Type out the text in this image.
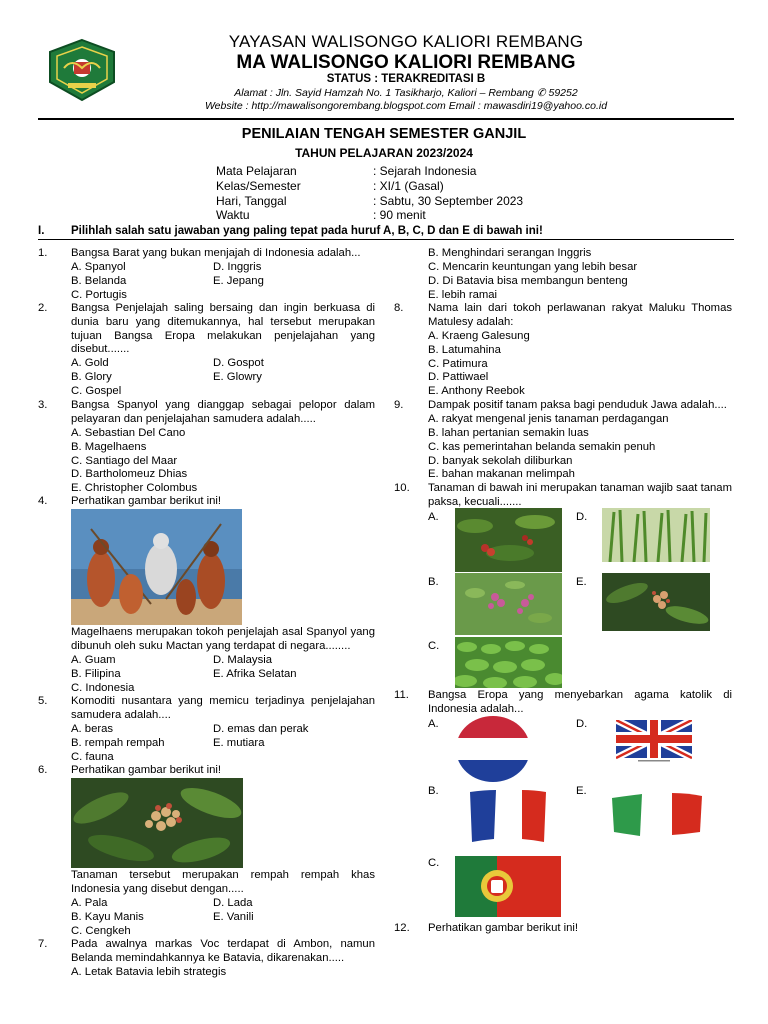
YAYASAN WALISONGO KALIORI REMBANG
MA WALISONGO KALIORI REMBANG
STATUS : TERAKREDITASI B
Alamat : Jln. Sayid Hamzah No. 1 Tasikharjo, Kaliori – Rembang ✆ 59252
Website : http://mawalisongorembang.blogspot.com Email : mawasdiri19@yahoo.co.id
PENILAIAN TENGAH SEMESTER GANJIL
TAHUN PELAJARAN 2023/2024
Mata Pelajaran	: Sejarah Indonesia
Kelas/Semester	: XI/1 (Gasal)
Hari, Tanggal	: Sabtu, 30 September 2023
Waktu	: 90 menit
I. Pilihlah salah satu jawaban yang paling tepat pada huruf A, B, C, D dan E di bawah ini!
1. Bangsa Barat yang bukan menjajah di Indonesia adalah...
A. Spanyol	D. Inggris
B. Belanda	E. Jepang
C. Portugis
2. Bangsa Penjelajah saling bersaing dan ingin berkuasa di dunia baru yang ditemukannya, hal tersebut merupakan tujuan Bangsa Eropa melakukan penjelajahan yang disebut.......
A. Gold	D. Gospot
B. Glory	E. Glowry
C. Gospel
3. Bangsa Spanyol yang dianggap sebagai pelopor dalam pelayaran dan penjelajahan samudera adalah.....
A. Sebastian Del Cano
B. Magelhaens
C. Santiago del Maar
D. Bartholomeuz Dhias
E. Christopher Colombus
4. Perhatikan gambar berikut ini!
Magelhaens merupakan tokoh penjelajah asal Spanyol yang dibunuh oleh suku Mactan yang terdapat di negara........
A. Guam	D. Malaysia
B. Filipina	E. Afrika Selatan
C. Indonesia
5. Komoditi nusantara yang memicu terjadinya penjelajahan samudera adalah....
A. beras	D. emas dan perak
B. rempah rempah	E. mutiara
C. fauna
6. Perhatikan gambar berikut ini!
Tanaman tersebut merupakan rempah rempah khas Indonesia yang disebut dengan.....
A. Pala	D. Lada
B. Kayu Manis	E. Vanili
C. Cengkeh
7. Pada awalnya markas Voc terdapat di Ambon, namun Belanda memindahkannya ke Batavia, dikarenakan.....
A. Letak Batavia lebih strategis
B. Menghindari serangan Inggris
C. Mencarin keuntungan yang lebih besar
D. Di Batavia bisa membangun benteng
E. lebih ramai
8. Nama lain dari tokoh perlawanan rakyat Maluku Thomas Matulesy adalah:
A. Kraeng Galesung
B. Latumahina
C. Patimura
D. Pattiwael
E. Anthony Reebok
9. Dampak positif tanam paksa bagi penduduk Jawa adalah....
A. rakyat mengenal jenis tanaman perdagangan
B. lahan pertanian semakin luas
C. kas pemerintahan belanda semakin penuh
D. banyak sekolah diliburkan
E. bahan makanan melimpah
10. Tanaman di bawah ini merupakan tanaman wajib saat tanam paksa, kecuali.......
A.	D.
B.	E.
C.
11. Bangsa Eropa yang menyebarkan agama katolik di Indonesia adalah...
A.	D.
B.	E.
C.
12. Perhatikan gambar berikut ini!
